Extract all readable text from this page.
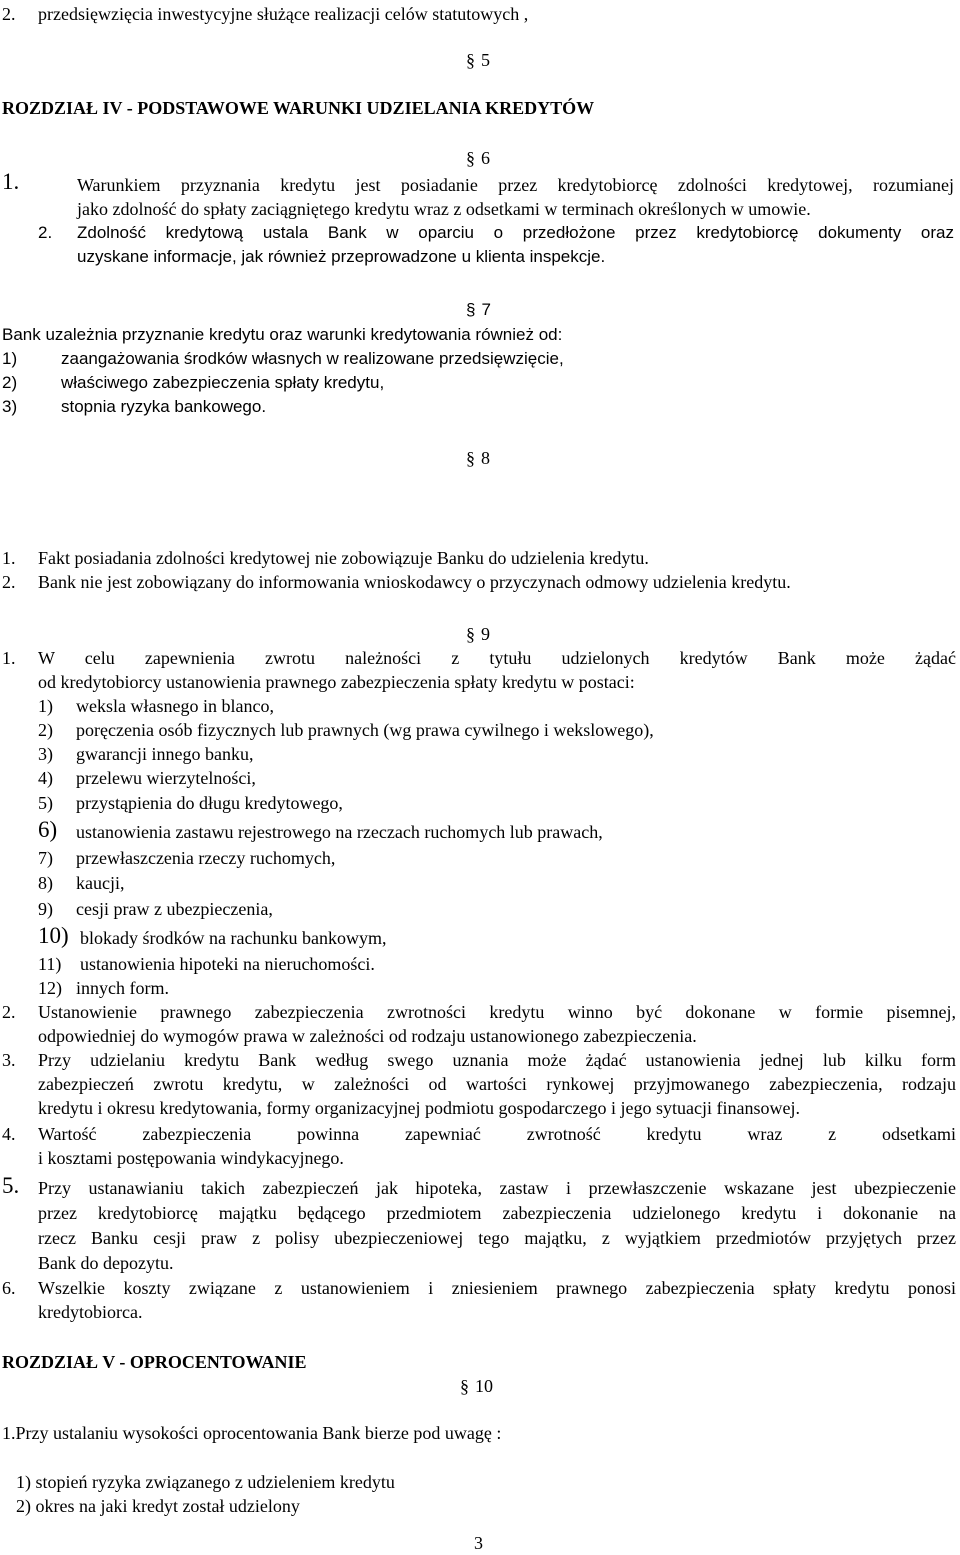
2. przedsięwzięcia inwestycyjne służące realizacji celów statutowych ,
§ 5
ROZDZIAŁ IV - PODSTAWOWE WARUNKI UDZIELANIA KREDYTÓW
§ 6
1.	Warunkiem przyznania kredytu jest posiadanie przez kredytobiorcę zdolności kredytowej, rozumianej
jako zdolność do spłaty zaciągniętego kredytu wraz z odsetkami w terminach określonych w umowie.
2. Zdolność kredytową ustala Bank w oparciu o przedłożone przez kredytobiorcę dokumenty oraz
uzyskane informacje, jak również przeprowadzone u klienta inspekcje.
§ 7
Bank uzależnia przyznanie kredytu oraz warunki kredytowania również od:
1)	zaangażowania środków własnych w realizowane przedsięwzięcie,
2)	właściwego zabezpieczenia spłaty kredytu,
3)	stopnia ryzyka bankowego.
§ 8
1. Fakt posiadania zdolności kredytowej nie zobowiązuje Banku do udzielenia kredytu.
2. Bank nie jest zobowiązany do informowania wnioskodawcy o przyczynach odmowy udzielenia kredytu.
§ 9
1. W celu zapewnienia zwrotu należności z tytułu udzielonych kredytów Bank może żądać
od kredytobiorcy ustanowienia prawnego zabezpieczenia spłaty kredytu w postaci:
1) weksla własnego in blanco,
2) poręczenia osób fizycznych lub prawnych (wg prawa cywilnego i wekslowego),
3) gwarancji innego banku,
4) przelewu wierzytelności,
5) przystąpienia do długu kredytowego,
6) ustanowienia zastawu rejestrowego na rzeczach ruchomych lub prawach,
7) przewłaszczenia rzeczy ruchomych,
8) kaucji,
9) cesji praw z ubezpieczenia,
10) blokady środków na rachunku bankowym,
11) ustanowienia hipoteki na nieruchomości.
12) innych form.
2. Ustanowienie prawnego zabezpieczenia zwrotności kredytu winno być dokonane w formie pisemnej,
odpowiedniej do wymogów prawa w zależności od rodzaju ustanowionego zabezpieczenia.
3. Przy udzielaniu kredytu Bank według swego uznania może żądać ustanowienia jednej lub kilku form
zabezpieczeń zwrotu kredytu, w zależności od wartości rynkowej przyjmowanego zabezpieczenia, rodzaju
kredytu i okresu kredytowania, formy organizacyjnej podmiotu gospodarczego i jego sytuacji finansowej.
4. Wartość zabezpieczenia powinna zapewniać zwrotność kredytu wraz z odsetkami
i kosztami postępowania windykacyjnego.
5. Przy ustanawianiu takich zabezpieczeń jak hipoteka, zastaw i przewłaszczenie wskazane jest ubezpieczenie
przez kredytobiorcę majątku będącego przedmiotem zabezpieczenia udzielonego kredytu i dokonanie na
rzecz Banku cesji praw z polisy ubezpieczeniowej tego majątku, z wyjątkiem przedmiotów przyjętych przez
Bank do depozytu.
6. Wszelkie koszty związane z ustanowieniem i zniesieniem prawnego zabezpieczenia spłaty kredytu ponosi
kredytobiorca.
ROZDZIAŁ V - OPROCENTOWANIE
§ 10
1.Przy ustalaniu wysokości oprocentowania Bank bierze pod uwagę :
1) stopień ryzyka związanego z udzieleniem kredytu
2) okres na jaki kredyt został udzielony
3
